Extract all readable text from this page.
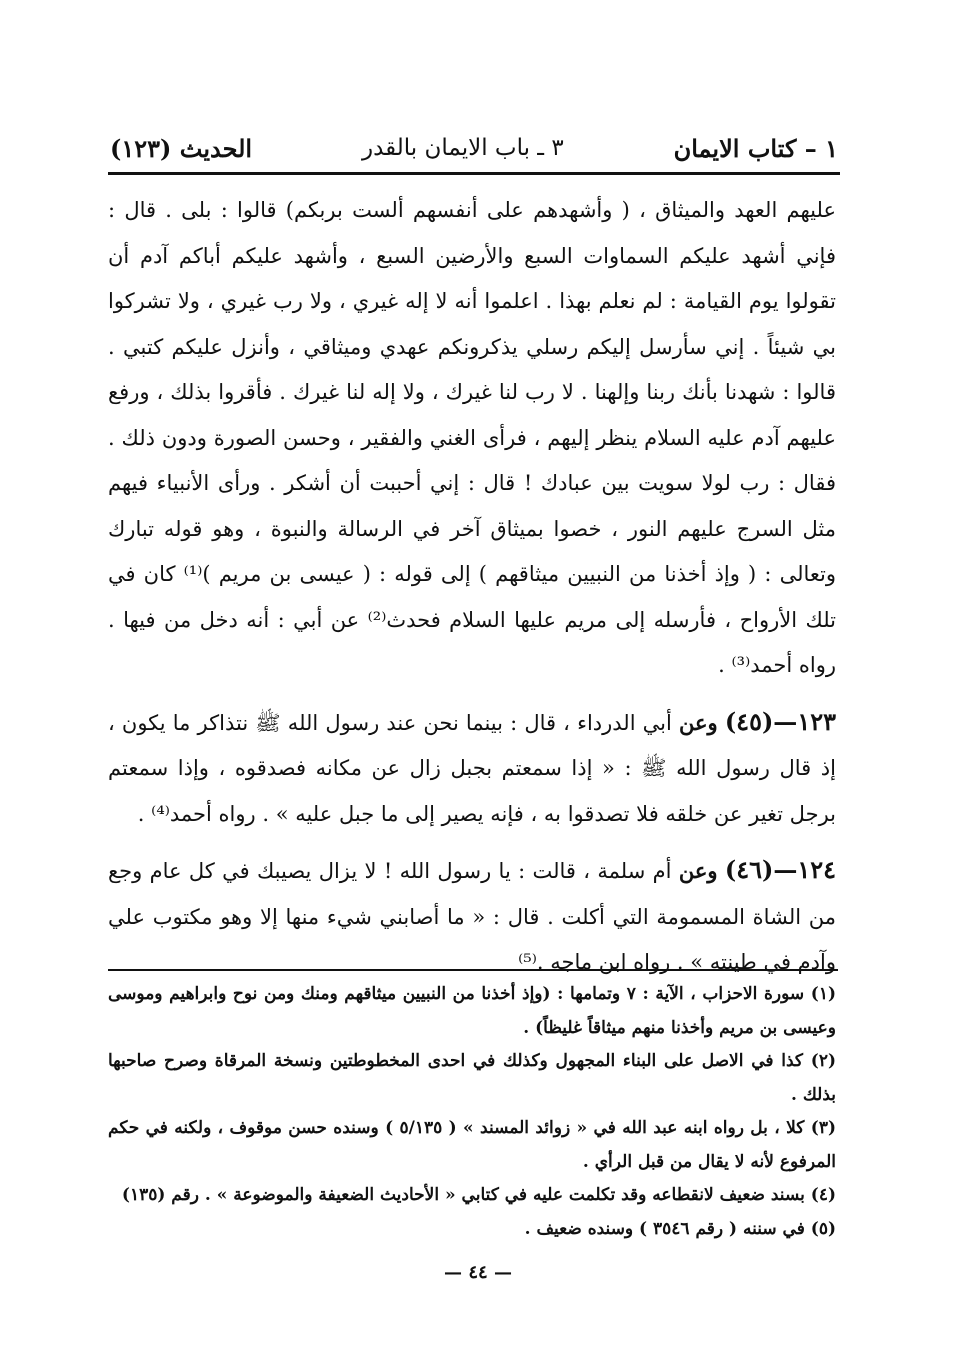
١ – كتاب الايمان
٣ ـ باب الايمان بالقدر
الحديث (١٢٣)

عليهم العهد والميثاق ، ( وأشهدهم على أنفسهم ألست بربكم) قالوا : بلى . قال : فإني أشهد عليكم السماوات السبع والأرضين السبع ، وأشهد عليكم أباكم آدم أن تقولوا يوم القيامة : لم نعلم بهذا . اعلموا أنه لا إله غيري ، ولا رب غيري ، ولا تشركوا بي شيئاً . إني سأرسل إليكم رسلي يذكرونكم عهدي وميثاقي ، وأنزل عليكم كتبي . قالوا : شهدنا بأنك ربنا وإلهنا . لا رب لنا غيرك ، ولا إله لنا غيرك . فأقروا بذلك ، ورفع عليهم آدم عليه السلام ينظر إليهم ، فرأى الغني والفقير ، وحسن الصورة ودون ذلك . فقال : رب لولا سويت بين عبادك ! قال : إني أحببت أن أشكر . ورأى الأنبياء فيهم مثل السرج عليهم النور ، خصوا بميثاق آخر في الرسالة والنبوة ، وهو قوله تبارك وتعالى : ( وإذ أخذنا من النبيين ميثاقهم ) إلى قوله : ( عيسى بن مريم )⁽¹⁾ كان في تلك الأرواح ، فأرسله إلى مريم عليها السلام فحدث⁽²⁾ عن أبي : أنه دخل من فيها . رواه أحمد⁽³⁾ .

١٢٣—(٤٥) وعن أبي الدرداء ، قال : بينما نحن عند رسول الله ﷺ نتذاكر ما يكون ، إذ قال رسول الله ﷺ : « إذا سمعتم بجبل زال عن مكانه فصدقوه ، وإذا سمعتم برجل تغير عن خلقه فلا تصدقوا به ، فإنه يصير إلى ما جبل عليه » . رواه أحمد⁽⁴⁾ .

١٢٤—(٤٦) وعن أم سلمة ، قالت : يا رسول الله ! لا يزال يصيبك في كل عام وجع من الشاة المسمومة التي أكلت . قال : « ما أصابني شيء منها إلا وهو مكتوب علي وآدم في طينته » . رواه ابن ماجه .⁽⁵⁾

(١) سورة الاحزاب ، الآية : ٧ وتمامها : (وإذ أخذنا من النبيين ميثاقهم ومنك ومن نوح وابراهيم وموسى وعيسى بن مريم وأخذنا منهم ميثاقاً غليظاً) .

(٢) كذا في الاصل على البناء المجهول وكذلك في احدى المخطوطتين ونسخة المرقاة وصرح صاحبها بذلك .

(٣) كلا ، بل رواه ابنه عبد الله في « زوائد المسند » ( ٥/١٣٥ ) وسنده حسن موقوف ، ولكنه في حكم المرفوع لأنه لا يقال من قبل الرأي .

(٤) بسند ضعيف لانقطاعه وقد تكلمت عليه في كتابي « الأحاديث الضعيفة والموضوعة » . رقم (١٣٥)

(٥) في سننه ( رقم ٣٥٤٦ ) وسنده ضعيف .

— ٤٤ —
